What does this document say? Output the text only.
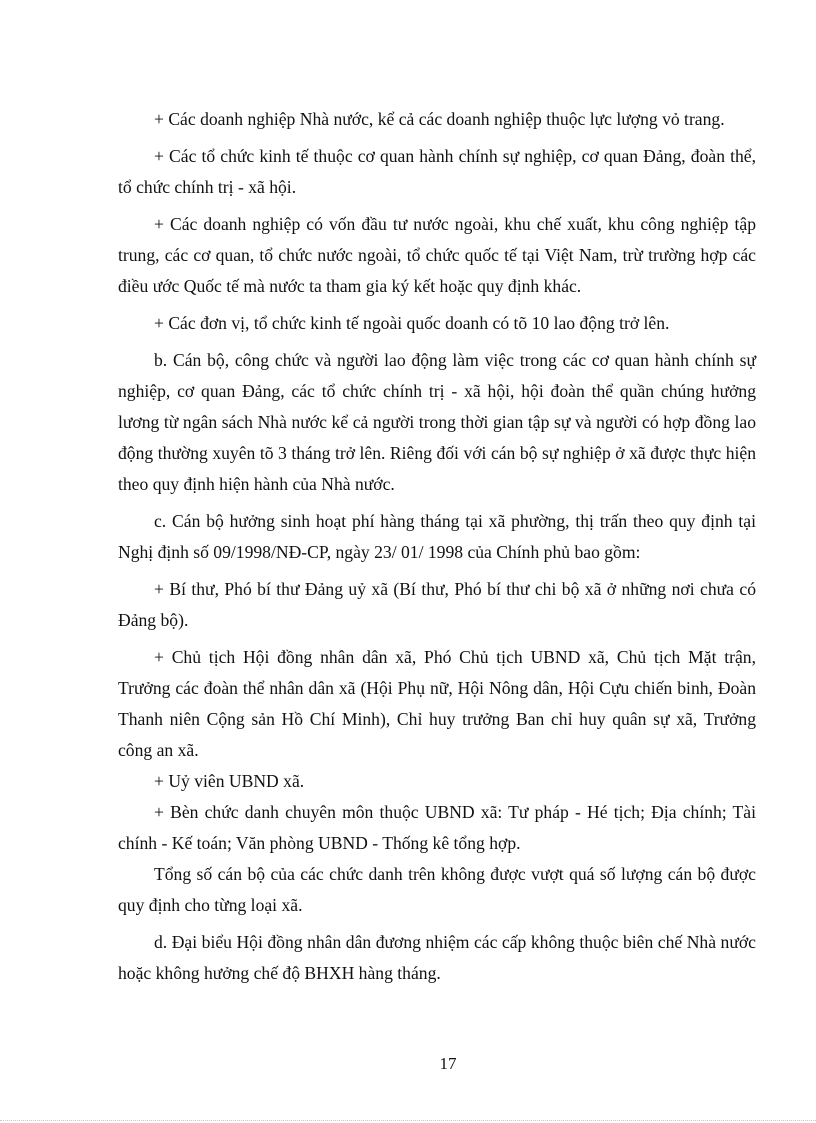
+ Các doanh nghiệp Nhà nước, kể cả các doanh nghiệp thuộc lực lượng vỏ trang.

+ Các tổ chức kinh tế thuộc cơ quan hành chính sự nghiệp, cơ quan Đảng, đoàn thể, tổ chức chính trị - xã hội.

+ Các doanh nghiệp có vốn đầu tư nước ngoài, khu chế xuất, khu công nghiệp tập trung, các cơ quan, tổ chức nước ngoài, tổ chức quốc tế tại Việt Nam, trừ trường hợp các điều ước Quốc tế mà nước ta tham gia ký kết hoặc quy định khác.

+ Các đơn vị, tổ chức kinh tế ngoài quốc doanh có tõ 10 lao động trở lên.

b. Cán bộ, công chức và người lao động làm việc trong các cơ quan hành chính sự nghiệp, cơ quan Đảng, các tổ chức chính trị - xã hội, hội đoàn thể quần chúng hưởng lương từ ngân sách Nhà nước kể cả người trong thời gian tập sự và người có hợp đồng lao động thường xuyên tõ 3 tháng trở lên. Riêng đối với cán bộ sự nghiệp ở xã được thực hiện theo quy định hiện hành của Nhà nước.

c. Cán bộ hưởng sinh hoạt phí hàng tháng tại xã phường, thị trấn theo quy định tại Nghị định số 09/1998/NĐ-CP, ngày 23/ 01/ 1998 của Chính phủ bao gồm:

+ Bí thư, Phó bí thư Đảng uỷ xã (Bí thư, Phó bí thư chi bộ xã ở những nơi chưa có Đảng bộ).

+ Chủ tịch Hội đồng nhân dân xã, Phó Chủ tịch UBND xã, Chủ tịch Mặt trận, Trưởng các đoàn thể nhân dân xã (Hội Phụ nữ, Hội Nông dân, Hội Cựu chiến binh, Đoàn Thanh niên Cộng sản Hồ Chí Minh), Chỉ huy trưởng Ban chỉ huy quân sự xã, Trưởng công an xã.

+ Uỷ viên UBND xã.

+ Bèn chức danh chuyên môn thuộc UBND xã: Tư pháp - Hé tịch; Địa chính; Tài chính - Kế toán; Văn phòng UBND - Thống kê tổng hợp.

Tổng số cán bộ của các chức danh trên không được vượt quá số lượng cán bộ được quy định cho từng loại xã.

d. Đại biểu Hội đồng nhân dân đương nhiệm các cấp không thuộc biên chế Nhà nước hoặc không hưởng chế độ BHXH hàng tháng.

17
